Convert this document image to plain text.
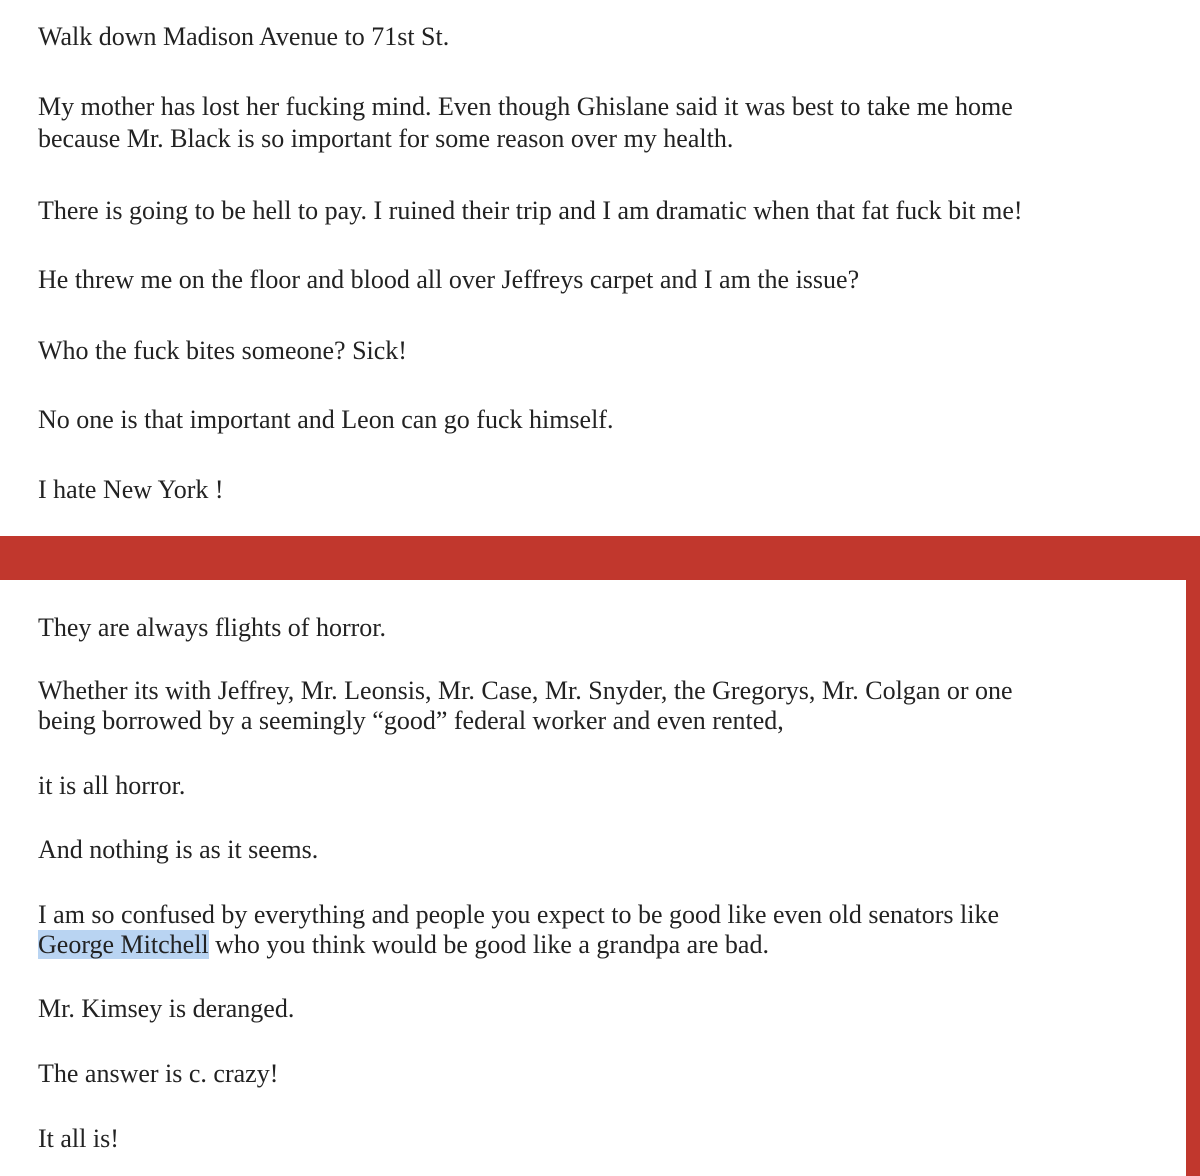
Walk down Madison Avenue to 71st St.

My mother has lost her fucking mind. Even though Ghislane said it was best to take me home

because Mr. Black is so important for some reason over my health.

There is going to be hell to pay. I ruined their trip and I am dramatic when that fat fuck bit me!

He threw me on the floor and blood all over Jeffreys carpet and I am the issue?

Who the fuck bites someone? Sick!

No one is that important and Leon can go fuck himself.

I hate New York !

They are always flights of horror.

Whether its with Jeffrey, Mr. Leonsis, Mr. Case, Mr. Snyder, the Gregorys, Mr. Colgan or one

being borrowed by a seemingly “good” federal worker and even rented,

it is all horror.

And nothing is as it seems.

I am so confused by everything and people you expect to be good like even old senators like

George Mitchell who you think would be good like a grandpa are bad.

Mr. Kimsey is deranged.

The answer is c. crazy!

It all is!
